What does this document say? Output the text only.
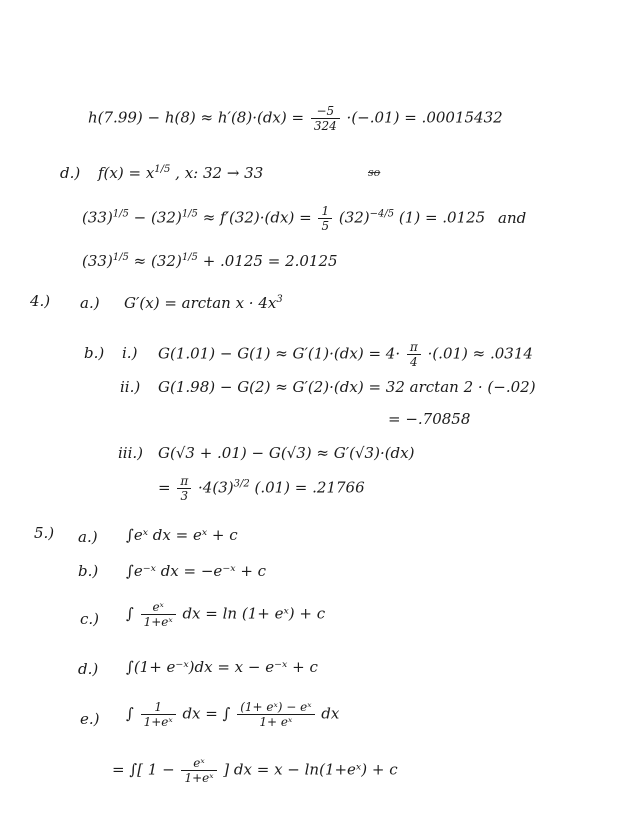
$h(7.99) - h(8) \approx h'(8)\cdot(dx) = \frac{-5}{324} \cdot(-.01) = .00015432$
d.) $f(x) = x^{1/5}$ , x: 32 → 33	so
$(33)^{1/5} - (32)^{1/5} \approx f'(32)\cdot(dx) = \frac{1}{5} (32)^{-4/5}$ (1) = .0125 and
$(33)^{1/5} \approx (32)^{1/5} + .0125 = 2.0125$
4.) a.) $G'(x) = \arctan x \cdot 4x^3$
b.) i.) $G(1.01) - G(1) \approx G'(1)\cdot(dx) = 4\cdot \frac{\pi}{4} \cdot(.01) \approx .0314$
ii.) G(1.98) − G(2) ≈ G′(2)·(dx) = 32 arctan 2 · (−.02)
= −.70858
iii.) G(√3 + .01) − G(√3) ≈ G′(√3)·(dx)
= $\frac{\pi}{3} \cdot 4(3)^{3/2}$ (.01) = .21766
5.) a.) ∫eˣ dx = eˣ + c
b.) ∫e⁻ˣ dx = −e⁻ˣ + c
c.) ∫ $\frac{\text{eˣ}}{\text{1+eˣ}}$ dx = ln (1+ eˣ) + c
d.) ∫(1+ e⁻ˣ)dx = x − e⁻ˣ + c
e.) ∫ $\frac{1}{\text{1+eˣ}}$ dx = ∫ $\frac{\text{(1+ eˣ) − eˣ}}{\text{1+ eˣ}}$ dx
= ∫[ $1 - \frac{\text{eˣ}}{\text{1+eˣ}}$ ] dx = x − ln(1+eˣ) + c
